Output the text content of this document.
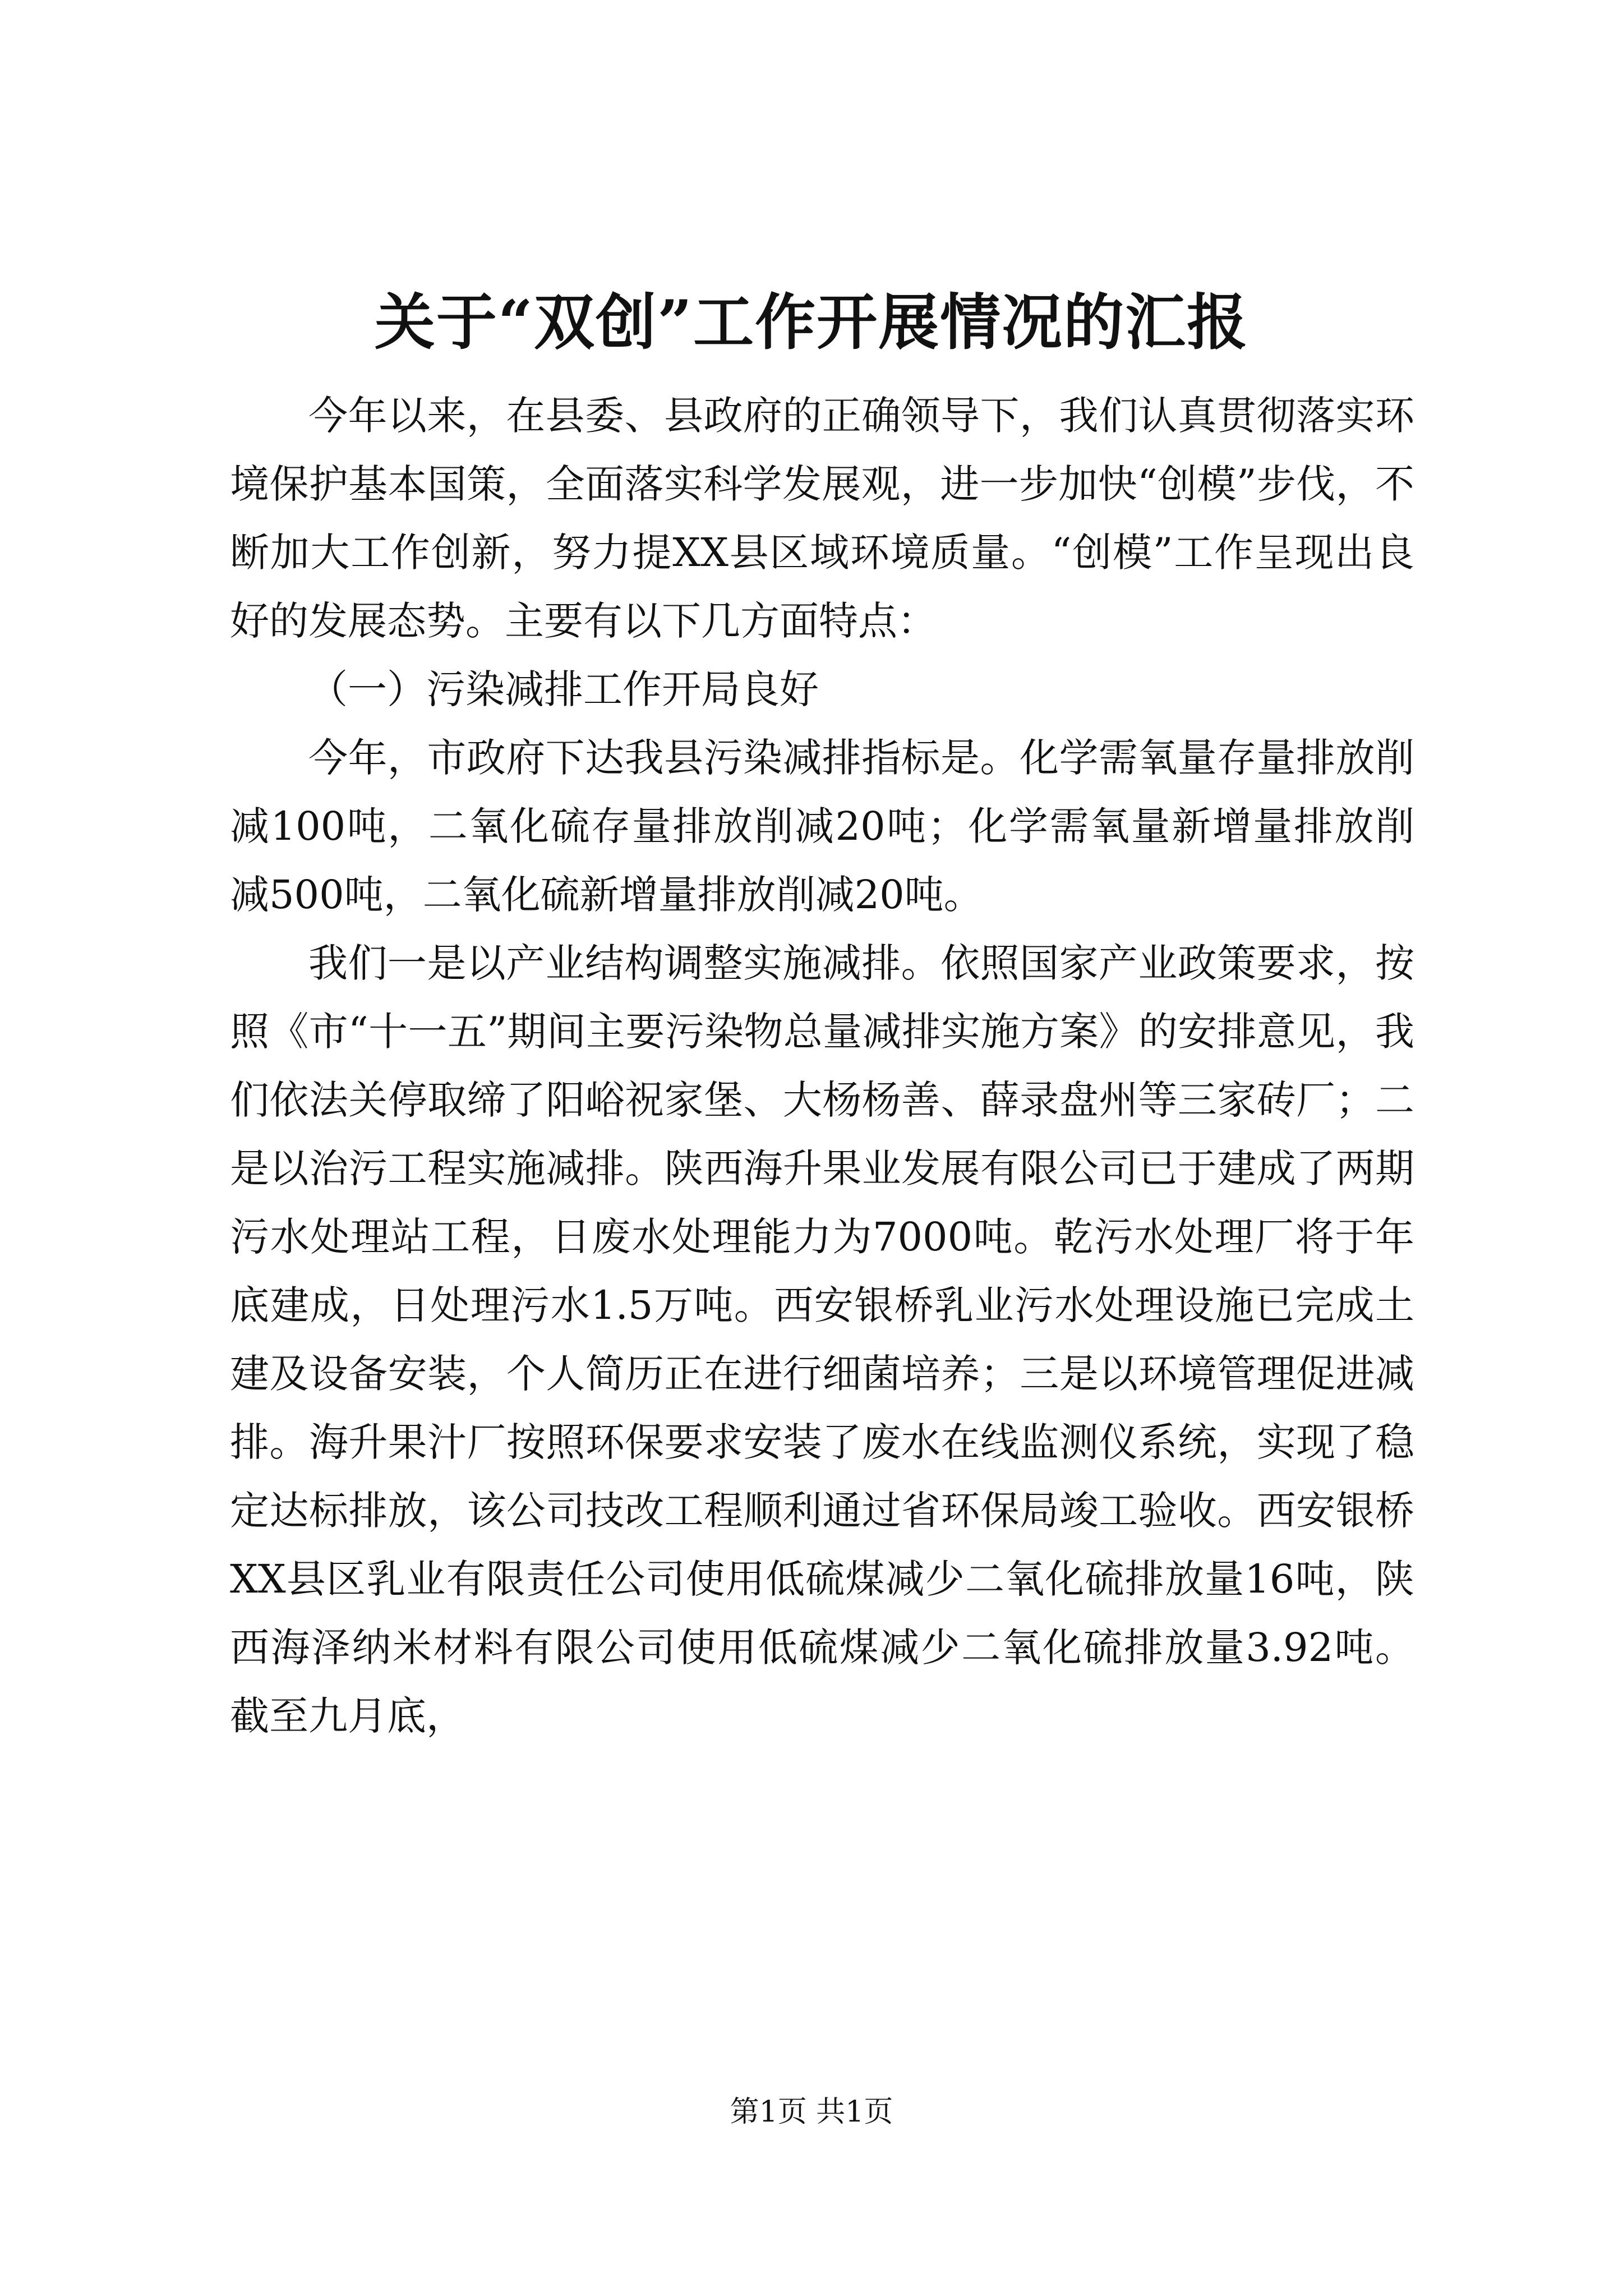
关于“双创”工作开展情况的汇报

今年以来，在县委、县政府的正确领导下，我们认真贯彻落实环境保护基本国策，全面落实科学发展观，进一步加快“创模”步伐，不断加大工作创新，努力提XX县区域环境质量。“创模”工作呈现出良好的发展态势。主要有以下几方面特点：

（一）污染减排工作开局良好

今年，市政府下达我县污染减排指标是。化学需氧量存量排放削减100吨，二氧化硫存量排放削减20吨；化学需氧量新增量排放削减500吨，二氧化硫新增量排放削减20吨。

我们一是以产业结构调整实施减排。依照国家产业政策要求，按照《市“十一五”期间主要污染物总量减排实施方案》的安排意见，我们依法关停取缔了阳峪祝家堡、大杨杨善、薛录盘州等三家砖厂；二是以治污工程实施减排。陕西海升果业发展有限公司已于建成了两期污水处理站工程，日废水处理能力为7000吨。乾污水处理厂将于年底建成，日处理污水1.5万吨。西安银桥乳业污水处理设施已完成土建及设备安装，个人简历正在进行细菌培养；三是以环境管理促进减排。海升果汁厂按照环保要求安装了废水在线监测仪系统，实现了稳定达标排放，该公司技改工程顺利通过省环保局竣工验收。西安银桥XX县区乳业有限责任公司使用低硫煤减少二氧化硫排放量16吨，陕西海泽纳米材料有限公司使用低硫煤减少二氧化硫排放量3.92吨。截至九月底，

第1页 共1页
